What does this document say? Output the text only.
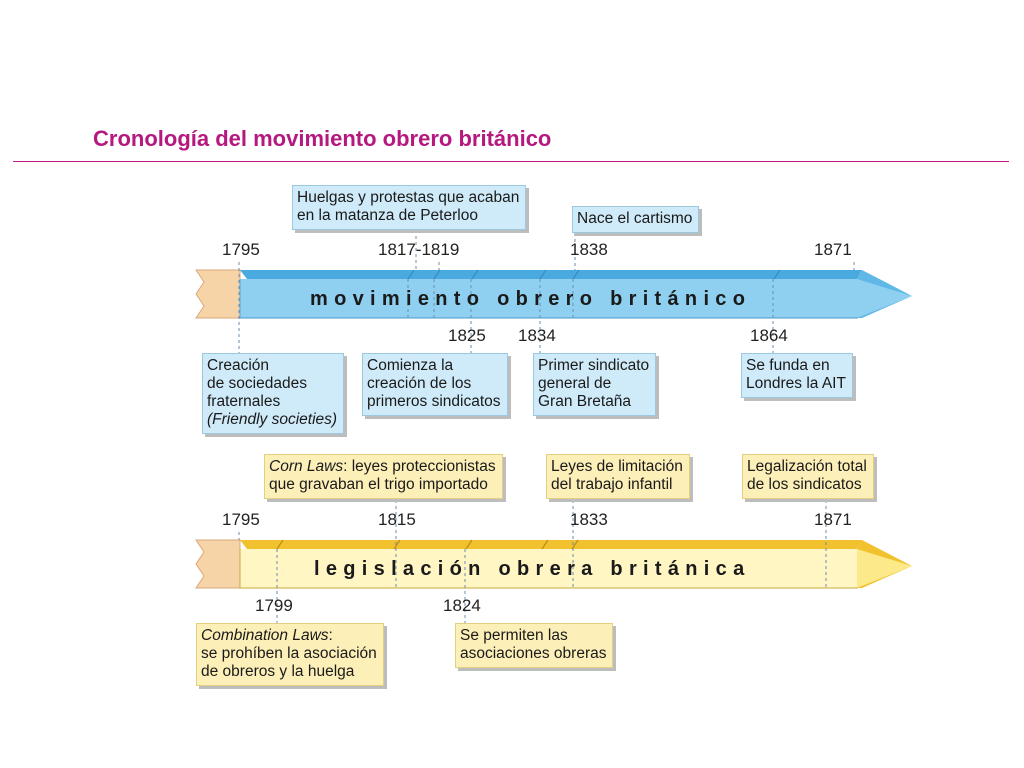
Cronología del movimiento obrero británico
movimiento obrero británico
1795	1817-1819	1838	1871
1825 1834	1864
Huelgas y protestas que acaban
en la matanza de Peterloo	Nace el cartismo
Creación
de sociedades
fraternales
(Friendly societies)
Comienza la
creación de los
primeros sindicatos
Primer sindicato
general de
Gran Bretaña
Se funda en
Londres la AIT
legislación obrera británica
1795	1815	1833	1871
1799	1824
Corn Laws: leyes proteccionistas
que gravaban el trigo importado
Leyes de limitación
del trabajo infantil
Legalización total
de los sindicatos
Combination Laws:
se prohíben la asociación
de obreros y la huelga
Se permiten las
asociaciones obreras
